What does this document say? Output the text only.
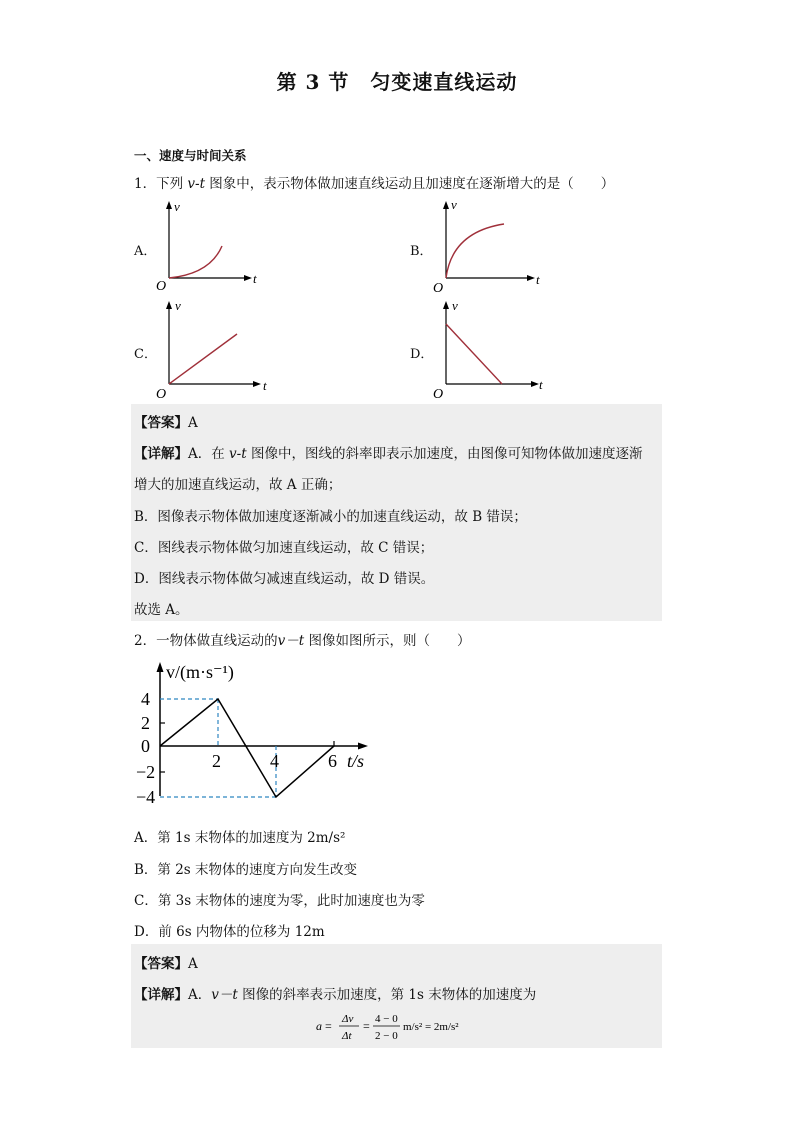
第 3 节　匀变速直线运动
一、速度与时间关系
1．下列 v-t 图象中，表示物体做加速直线运动且加速度在逐渐增大的是（　　）
A．
v
t
O
B．
v
t
O
C．
v
t
O
D．
v
t
O
【答案】A
【详解】A．在 v-t 图像中，图线的斜率即表示加速度，由图像可知物体做加速度逐渐
增大的加速直线运动，故 A 正确；
B．图像表示物体做加速度逐渐减小的加速直线运动，故 B 错误；
C．图线表示物体做匀加速直线运动，故 C 错误；
D．图线表示物体做匀减速直线运动，故 D 错误。
故选 A。
2．一物体做直线运动的v－t 图像如图所示，则（　　）
v/(m·s⁻¹)
t/s
4
2
0
−2
−4
2	4	6
A．第 1s 末物体的加速度为 2m/s²
B．第 2s 末物体的速度方向发生改变
C．第 3s 末物体的速度为零，此时加速度也为零
D．前 6s 内物体的位移为 12m
【答案】A
【详解】A．v－t 图像的斜率表示加速度，第 1s 末物体的加速度为
a = Δv
Δt
= 4 − 0
2 − 0
m/s² = 2m/s²
